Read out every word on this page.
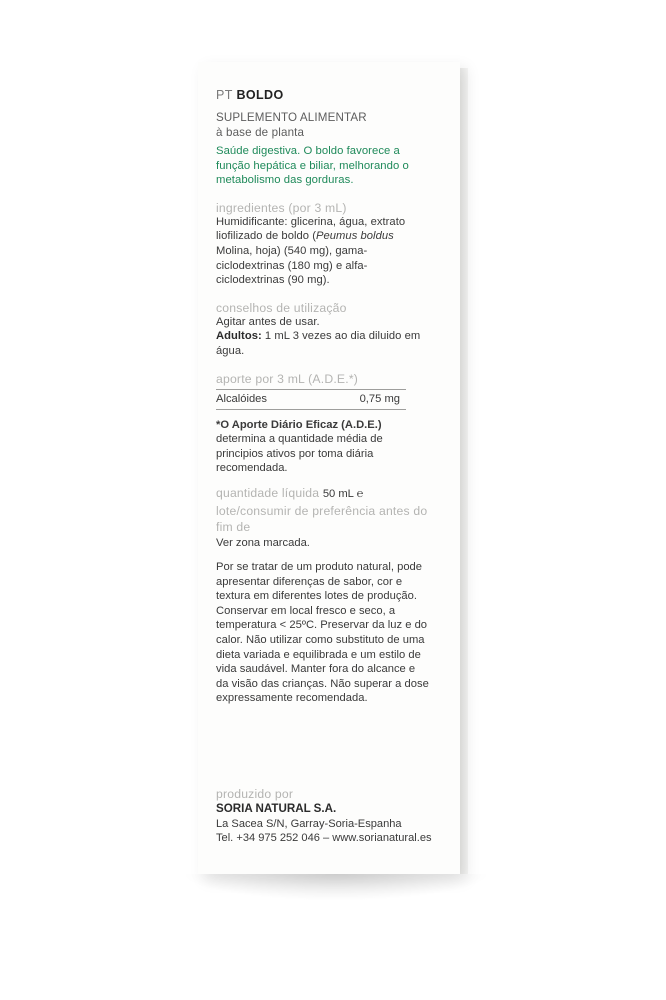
PT BOLDO
SUPLEMENTO ALIMENTAR
à base de planta
Saúde digestiva. O boldo favorece a função hepática e biliar, melhorando o metabolismo das gorduras.
ingredientes (por 3 mL)
Humidificante: glicerina, água, extrato liofilizado de boldo (Peumus boldus Molina, hoja) (540 mg), gama-ciclodextrinas (180 mg) e alfa-ciclodextrinas (90 mg).
conselhos de utilização
Agitar antes de usar.
Adultos: 1 mL 3 vezes ao dia diluido em água.
aporte por 3 mL (A.D.E.*)
Alcalóides	0,75 mg
*O Aporte Diário Eficaz (A.D.E.) determina a quantidade média de principios ativos por toma diária recomendada.
quantidade líquida 50 mL ℮
lote/consumir de preferência antes do fim de
Ver zona marcada.
Por se tratar de um produto natural, pode apresentar diferenças de sabor, cor e textura em diferentes lotes de produção. Conservar em local fresco e seco, a temperatura < 25ºC. Preservar da luz e do calor. Não utilizar como substituto de uma dieta variada e equilibrada e um estilo de vida saudável. Manter fora do alcance e da visão das crianças. Não superar a dose expressamente recomendada.
produzido por
SORIA NATURAL S.A.
La Sacea S/N, Garray-Soria-Espanha
Tel. +34 975 252 046 – www.sorianatural.es
